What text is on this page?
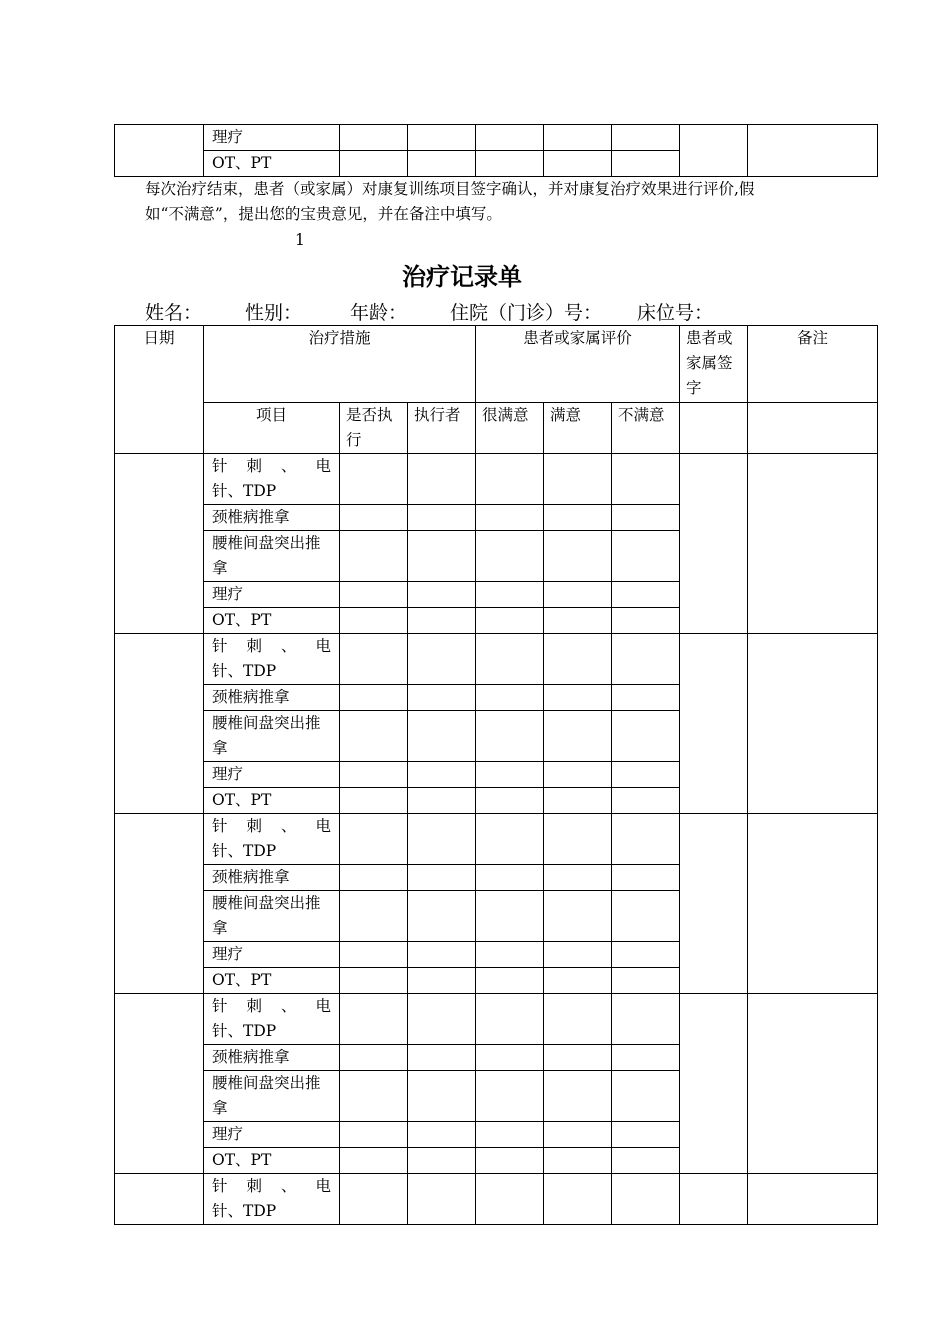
	理疗							
	OT、PT							
每次治疗结束，患者（或家属）对康复训练项目签字确认，并对康复治疗效果进行评价,假
如“不满意”，提出您的宝贵意见，并在备注中填写。
1
治疗记录单
姓名： 性别：	年龄： 住院（门诊）号： 床位号：
日期	治疗措施			患者或家属评价			患者或家属签字	备注
	项目	是否执行	执行者	很满意	满意	不满意		

	针刺、电
针、TDP							

	颈椎病推拿							

	腰椎间盘突出推
拿							

	理疗							
	OT、PT							

	针刺、电
针、TDP							

	颈椎病推拿							

	腰椎间盘突出推
拿							

	理疗							
	OT、PT							

	针刺、电
针、TDP							

	颈椎病推拿							

	腰椎间盘突出推
拿							

	理疗							
	OT、PT							

	针刺、电
针、TDP							

	颈椎病推拿							

	腰椎间盘突出推
拿							

	理疗							
	OT、PT							

	针刺、电
针、TDP							
